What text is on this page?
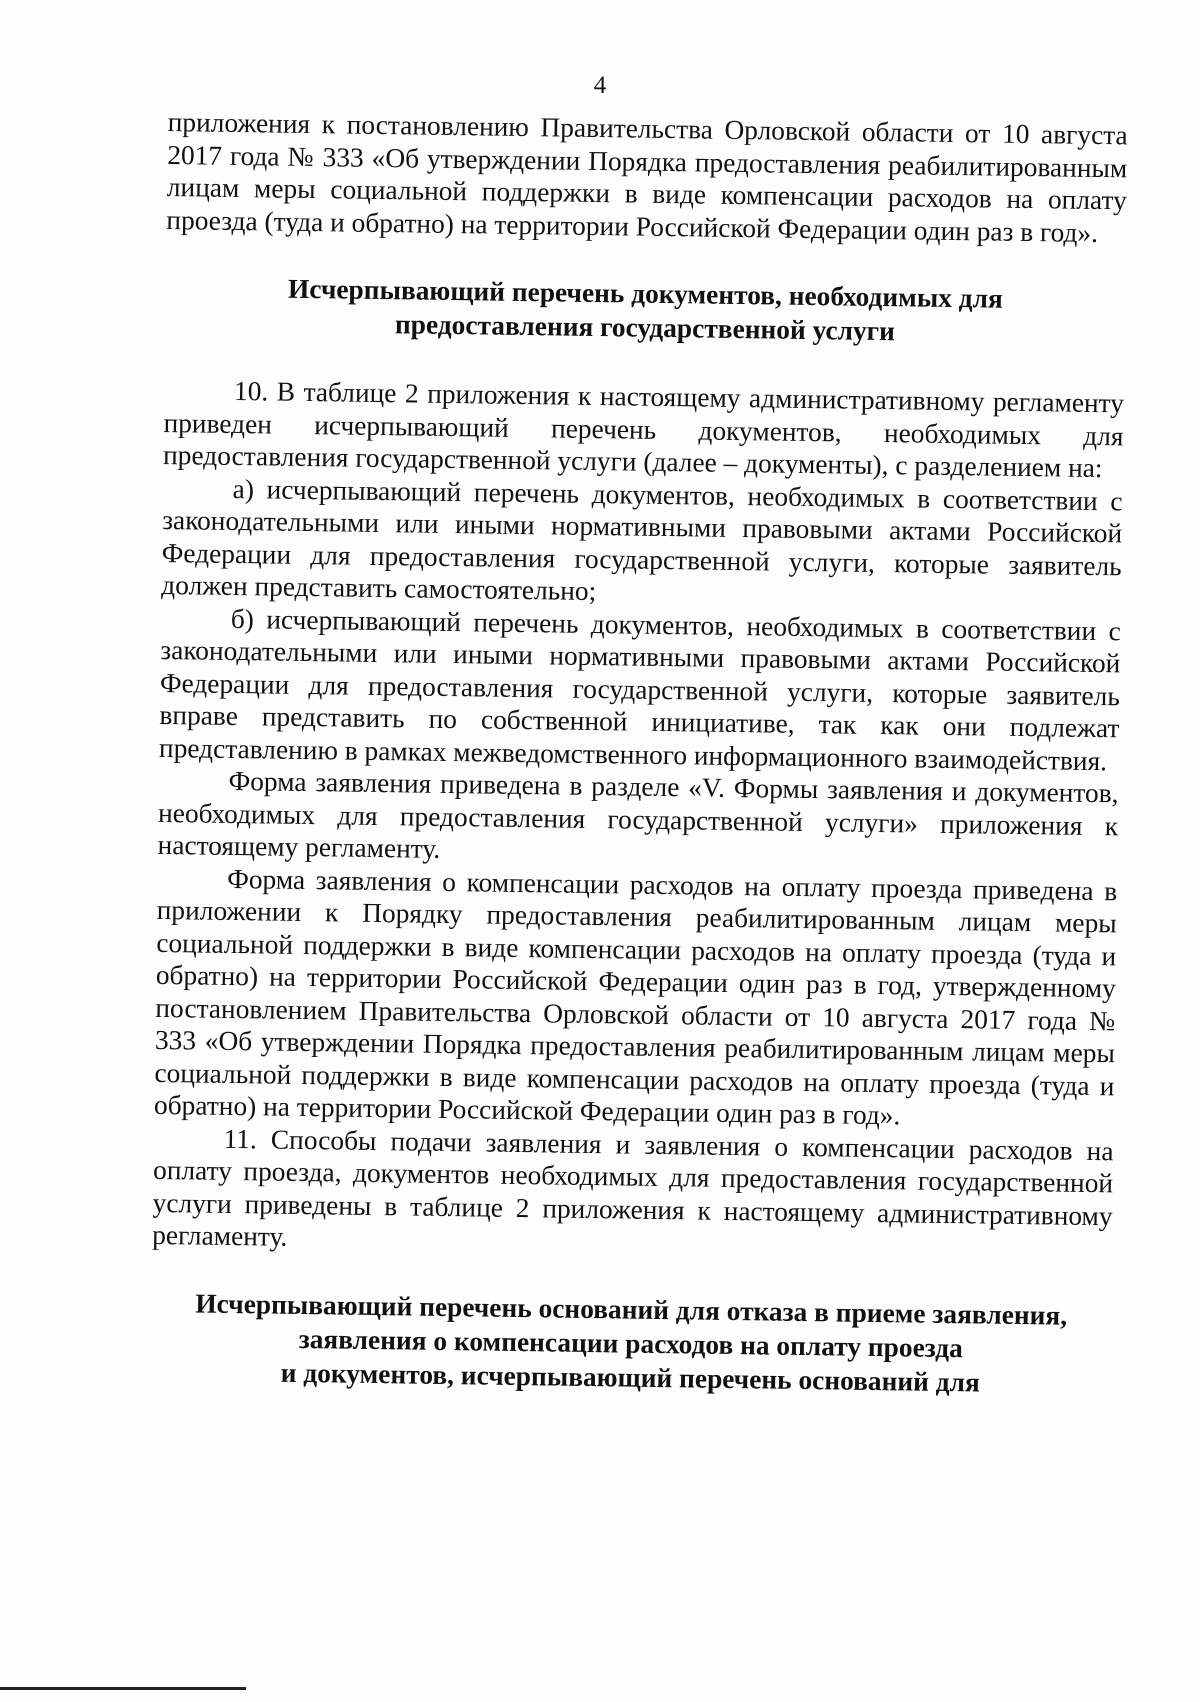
4

приложения к постановлению Правительства Орловской области от 10 августа 2017 года № 333 «Об утверждении Порядка предоставления реабилитированным лицам меры социальной поддержки в виде компенсации расходов на оплату проезда (туда и обратно) на территории Российской Федерации один раз в год».

Исчерпывающий перечень документов, необходимых для
предоставления государственной услуги

10. В таблице 2 приложения к настоящему административному регламенту приведен исчерпывающий перечень документов, необходимых для предоставления государственной услуги (далее – документы), с разделением на:

а) исчерпывающий перечень документов, необходимых в соответствии с законодательными или иными нормативными правовыми актами Российской Федерации для предоставления государственной услуги, которые заявитель должен представить самостоятельно;

б) исчерпывающий перечень документов, необходимых в соответствии с законодательными или иными нормативными правовыми актами Российской Федерации для предоставления государственной услуги, которые заявитель вправе представить по собственной инициативе, так как они подлежат представлению в рамках межведомственного информационного взаимодействия.

Форма заявления приведена в разделе «V. Формы заявления и документов, необходимых для предоставления государственной услуги» приложения к настоящему регламенту.

Форма заявления о компенсации расходов на оплату проезда приведена в приложении к Порядку предоставления реабилитированным лицам меры социальной поддержки в виде компенсации расходов на оплату проезда (туда и обратно) на территории Российской Федерации один раз в год, утвержденному постановлением Правительства Орловской области от 10 августа 2017 года № 333 «Об утверждении Порядка предоставления реабилитированным лицам меры социальной поддержки в виде компенсации расходов на оплату проезда (туда и обратно) на территории Российской Федерации один раз в год».

11. Способы подачи заявления и заявления о компенсации расходов на оплату проезда, документов необходимых для предоставления государственной услуги приведены в таблице 2 приложения к настоящему административному регламенту.

Исчерпывающий перечень оснований для отказа в приеме заявления,
заявления о компенсации расходов на оплату проезда
и документов, исчерпывающий перечень оснований для
